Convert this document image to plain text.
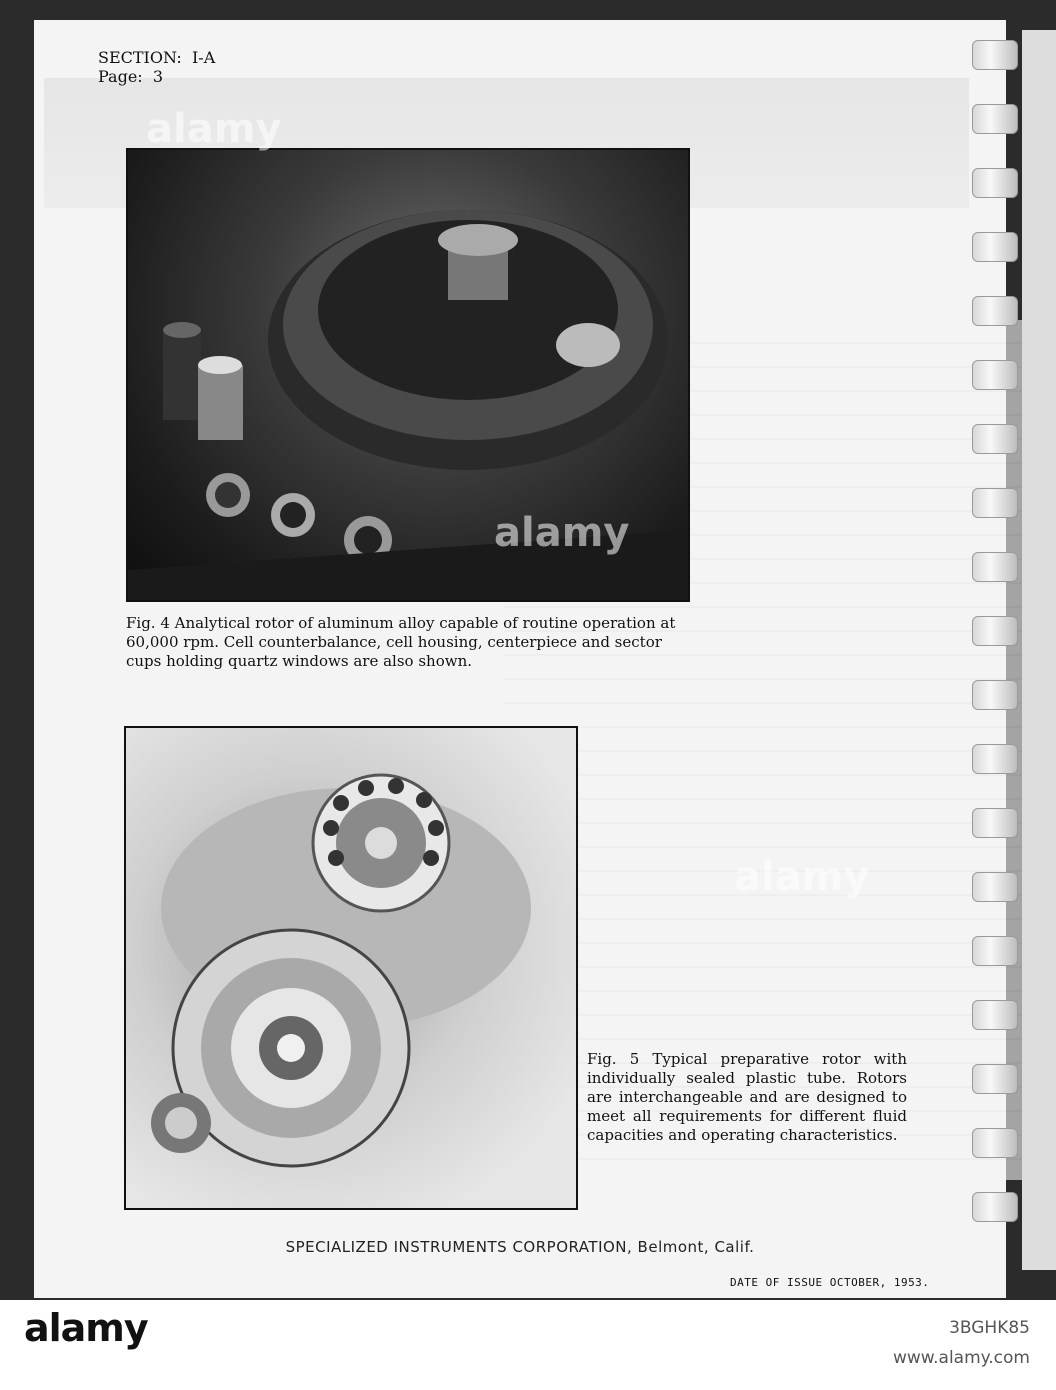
SECTION:  I-A
Page:  3
Fig. 4 Analytical rotor of aluminum alloy capable of routine operation at 60,000 rpm. Cell counterbalance, cell housing, centerpiece and sector cups holding quartz windows are also shown.
Fig. 5 Typical preparative rotor with individually sealed plastic tube. Rotors are interchangeable and are designed to meet all requirements for different fluid capacities and operating characteristics.
SPECIALIZED INSTRUMENTS CORPORATION, Belmont, Calif.
DATE OF ISSUE OCTOBER, 1953.
alamy
alamy
alamy
alamy	3BGHK85
www.alamy.com
